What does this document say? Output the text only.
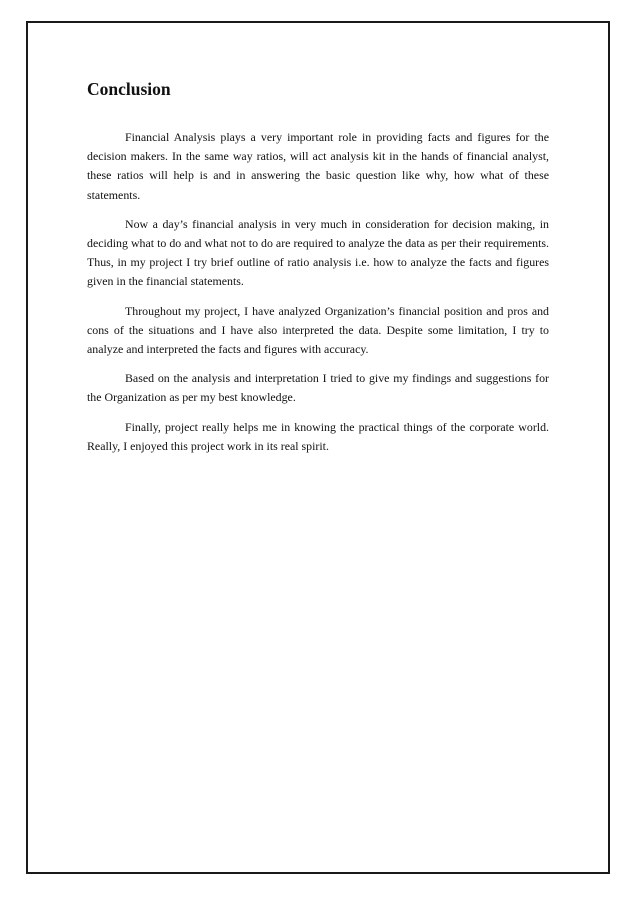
Conclusion

Financial Analysis plays a very important role in providing facts and figures for the decision makers. In the same way ratios, will act analysis kit in the hands of financial analyst, these ratios will help is and in answering the basic question like why, how what of these statements.

Now a day’s financial analysis in very much in consideration for decision making, in deciding what to do and what not to do are required to analyze the data as per their requirements. Thus, in my project I try brief outline of ratio analysis i.e. how to analyze the facts and figures given in the financial statements.

Throughout my project, I have analyzed Organization’s financial position and pros and cons of the situations and I have also interpreted the data. Despite some limitation, I try to analyze and interpreted the facts and figures with accuracy.

Based on the analysis and interpretation I tried to give my findings and suggestions for the Organization as per my best knowledge.

Finally, project really helps me in knowing the practical things of the corporate world. Really, I enjoyed this project work in its real spirit.
